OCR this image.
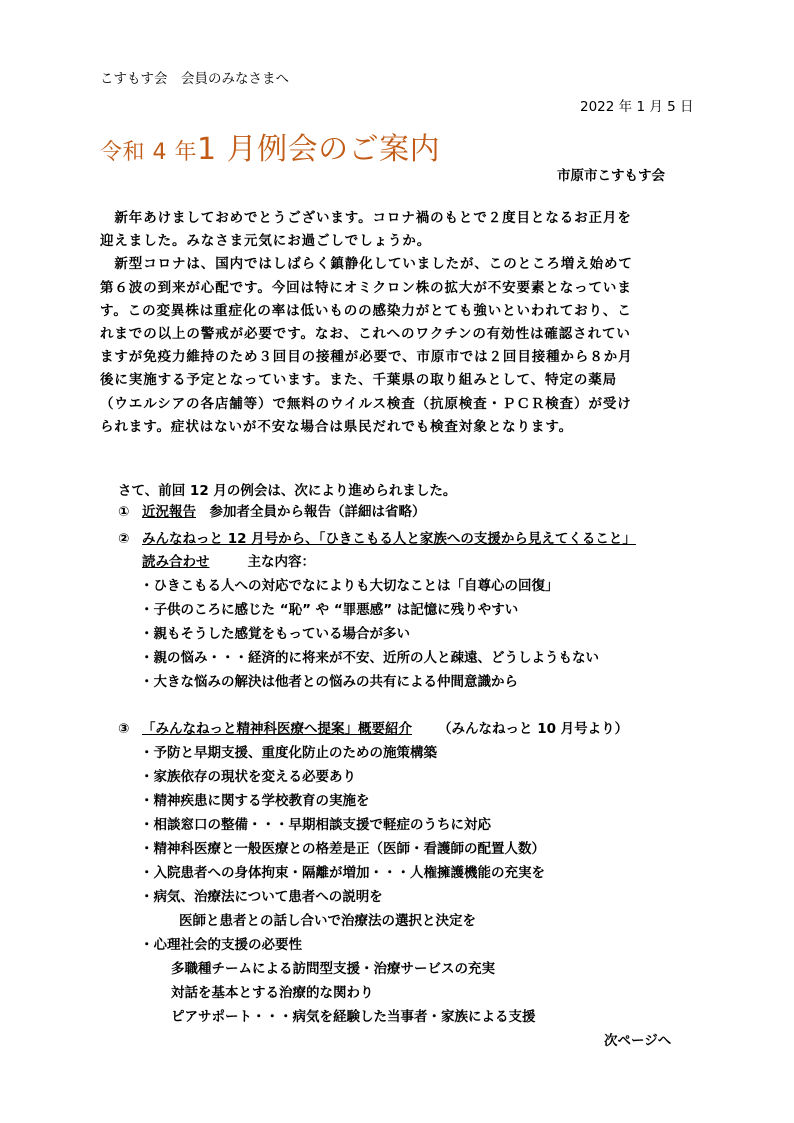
こすもす会　会員のみなさまへ
2022 年 1 月 5 日
令和 4 年1 月例会のご案内
市原市こすもす会
　新年あけましておめでとうございます。コロナ禍のもとで２度目となるお正月を
迎えました。みなさま元気にお過ごしでしょうか。
　新型コロナは、国内ではしばらく鎮静化していましたが、このところ増え始めて
第６波の到来が心配です。今回は特にオミクロン株の拡大が不安要素となっていま
す。この変異株は重症化の率は低いものの感染力がとても強いといわれており、こ
れまでの以上の警戒が必要です。なお、これへのワクチンの有効性は確認されてい
ますが免疫力維持のため３回目の接種が必要で、市原市では２回目接種から８か月
後に実施する予定となっています。また、千葉県の取り組みとして、特定の薬局
（ウエルシアの各店舗等）で無料のウイルス検査（抗原検査・ＰＣＲ検査）が受け
られます。症状はないが不安な場合は県民だれでも検査対象となります。
さて、前回 12 月の例会は、次により進められました。
① 近況報告　参加者全員から報告（詳細は省略）
② みんなねっと 12 月号から、「ひきこもる人と家族への支援から見えてくること」
読み合わせ	主な内容：
・ひきこもる人への対応でなによりも大切なことは「自尊心の回復」
・子供のころに感じた “恥” や “罪悪感” は記憶に残りやすい
・親もそうした感覚をもっている場合が多い
・親の悩み・・・経済的に将来が不安、近所の人と疎遠、どうしようもない
・大きな悩みの解決は他者との悩みの共有による仲間意識から
③ 「みんなねっと精神科医療へ提案」概要紹介 （みんなねっと 10 月号より）
・予防と早期支援、重度化防止のための施策構築
・家族依存の現状を変える必要あり
・精神疾患に関する学校教育の実施を
・相談窓口の整備・・・早期相談支援で軽症のうちに対応
・精神科医療と一般医療との格差是正（医師・看護師の配置人数）
・入院患者への身体拘束・隔離が増加・・・人権擁護機能の充実を
・病気、治療法について患者への説明を
医師と患者との話し合いで治療法の選択と決定を
・心理社会的支援の必要性
多職種チームによる訪問型支援・治療サービスの充実
対話を基本とする治療的な関わり
ピアサポート・・・病気を経験した当事者・家族による支援
次ページへ
